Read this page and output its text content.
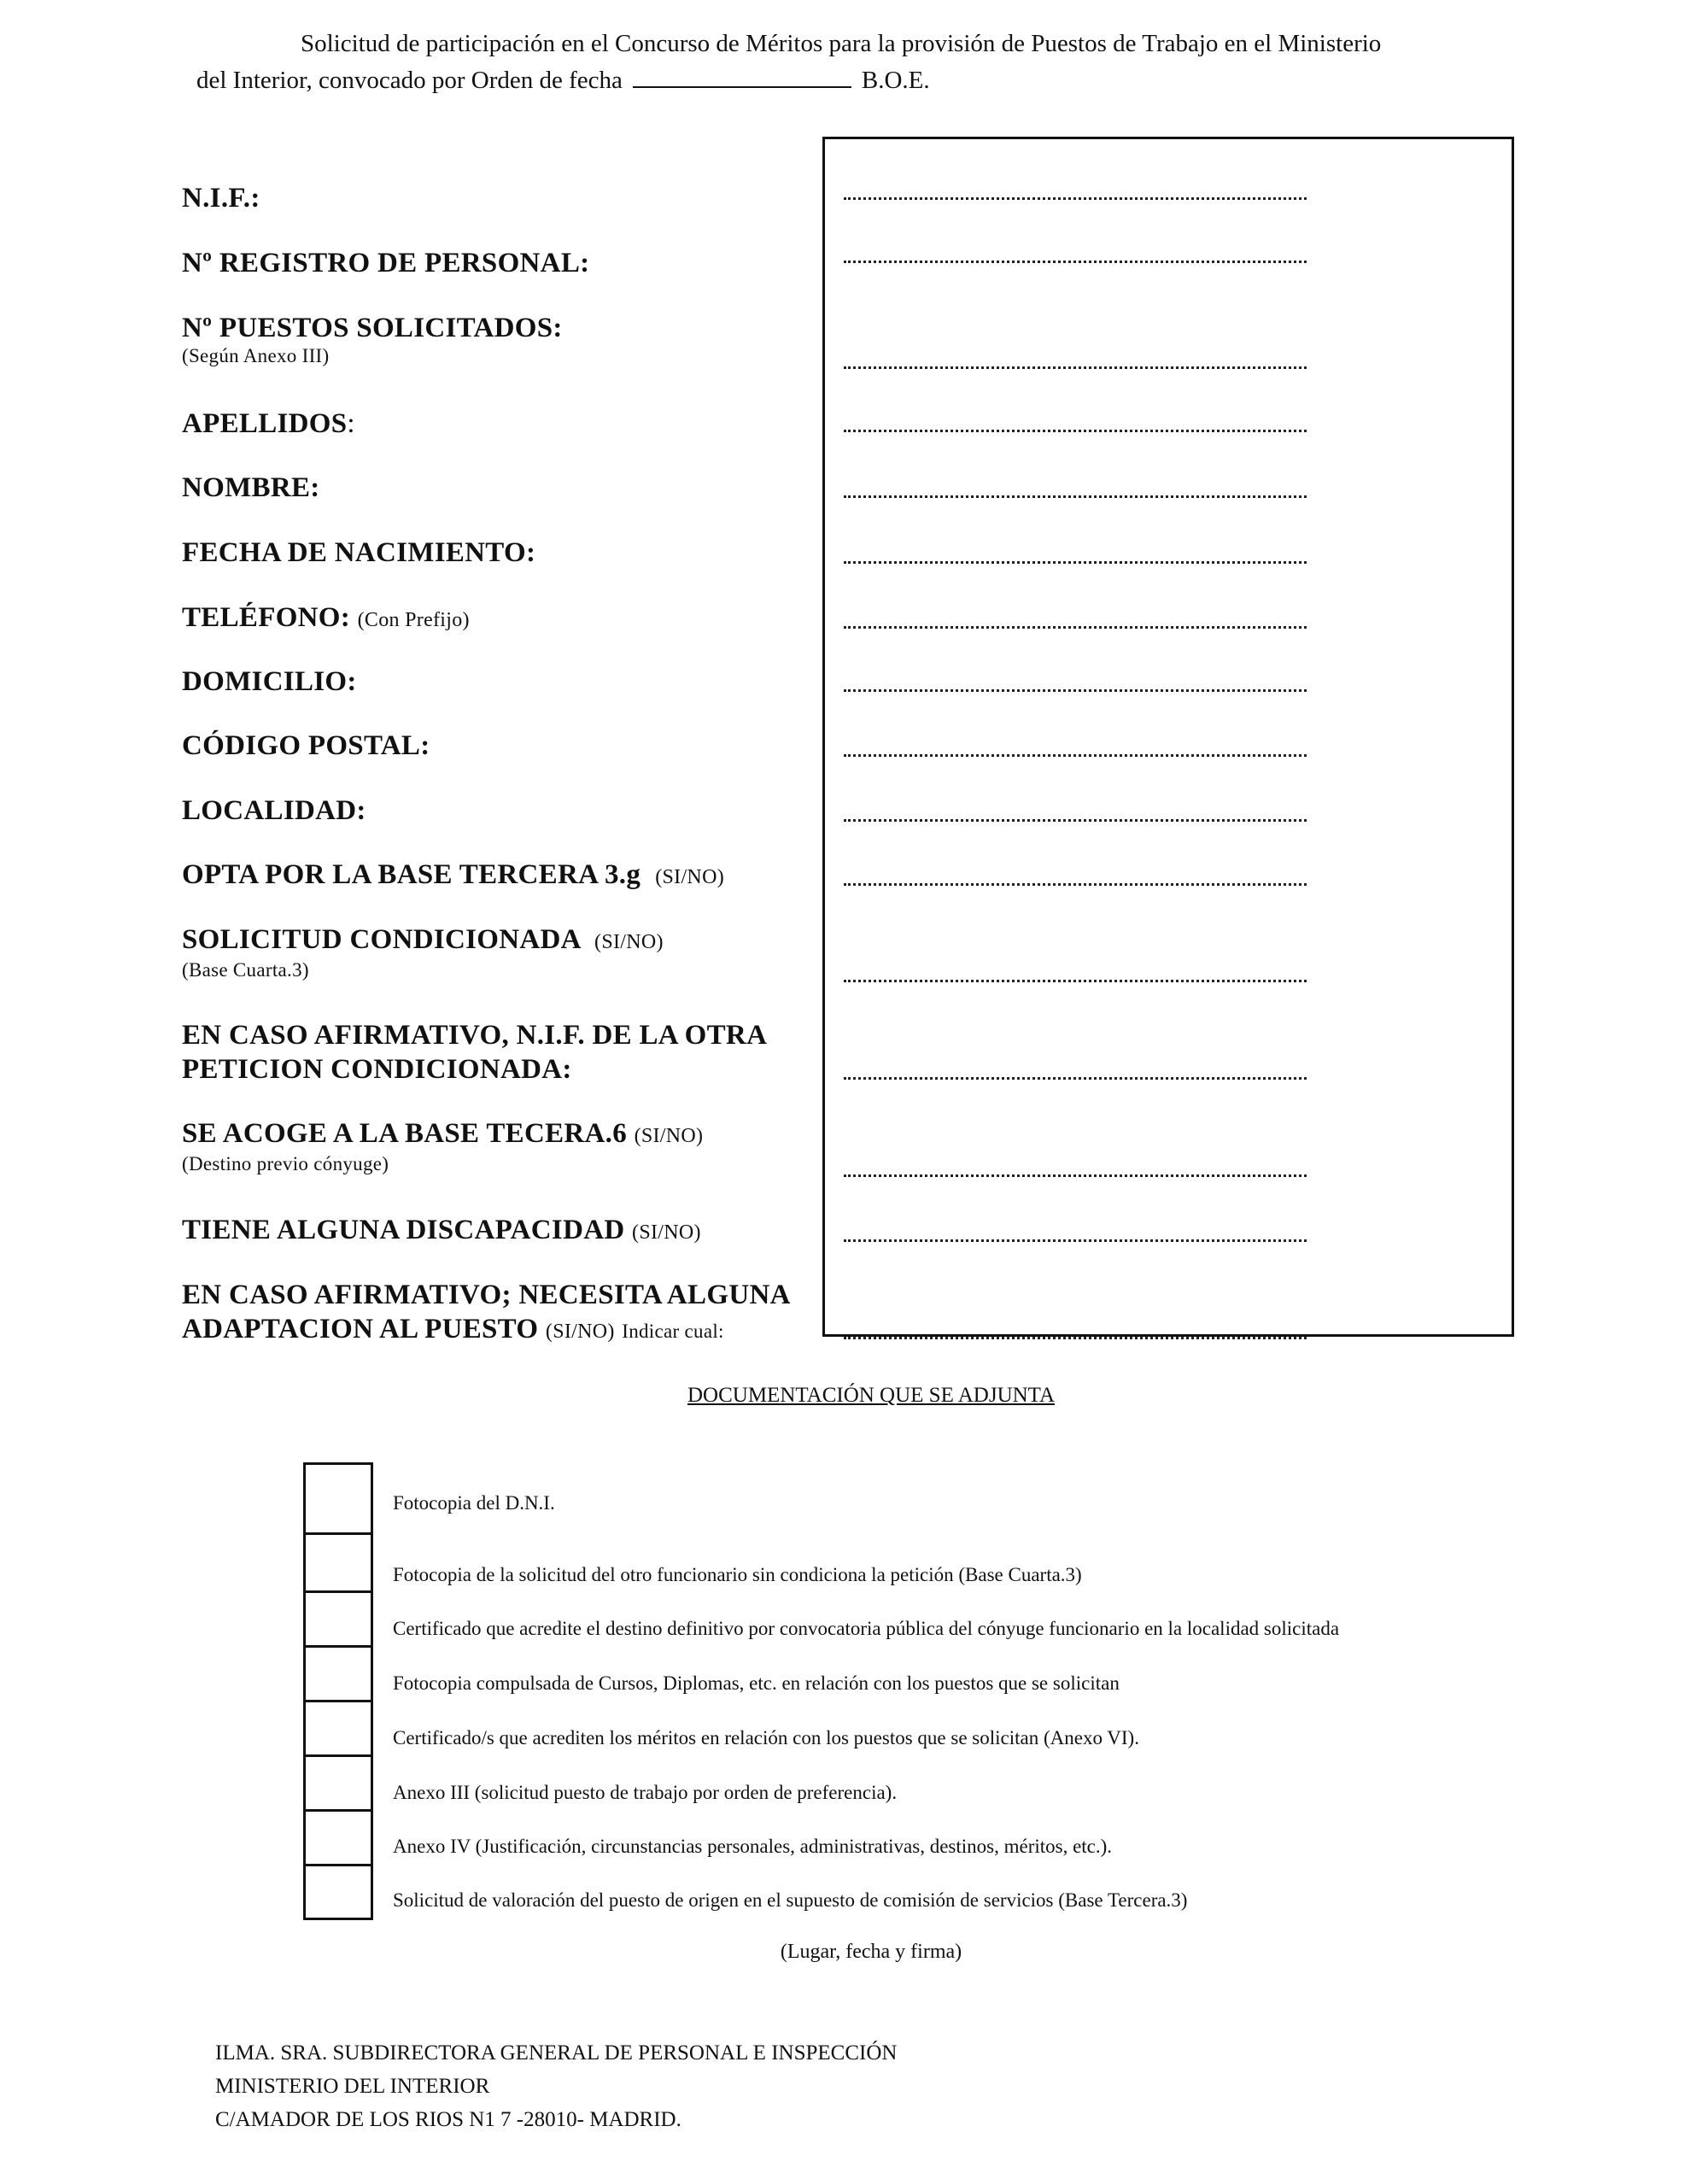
Solicitud de participación en el Concurso de Méritos para la provisión de Puestos de Trabajo en el Ministerio
del Interior, convocado por Orden de fecha	B.O.E.
N.I.F.:
Nº REGISTRO DE PERSONAL:
Nº PUESTOS SOLICITADOS:
(Según Anexo III)
APELLIDOS:
NOMBRE:
FECHA DE NACIMIENTO:
TELÉFONO: (Con Prefijo)
DOMICILIO:
CÓDIGO POSTAL:
LOCALIDAD:
OPTA POR LA BASE TERCERA 3.g (SI/NO)
SOLICITUD CONDICIONADA (SI/NO)
(Base Cuarta.3)
EN CASO AFIRMATIVO, N.I.F. DE LA OTRA
PETICION CONDICIONADA:
SE ACOGE A LA BASE TECERA.6 (SI/NO)
(Destino previo cónyuge)
TIENE ALGUNA DISCAPACIDAD (SI/NO)
EN CASO AFIRMATIVO; NECESITA ALGUNA
ADAPTACION AL PUESTO (SI/NO) Indicar cual:
DOCUMENTACIÓN QUE SE ADJUNTA
Fotocopia del D.N.I.
Fotocopia de la solicitud del otro funcionario sin condiciona la petición (Base Cuarta.3)
Certificado que acredite el destino definitivo por convocatoria pública del cónyuge funcionario en la localidad solicitada
Fotocopia compulsada de Cursos, Diplomas, etc. en relación con los puestos que se solicitan
Certificado/s que acrediten los méritos en relación con los puestos que se solicitan (Anexo VI).
Anexo III (solicitud puesto de trabajo por orden de preferencia).
Anexo IV (Justificación, circunstancias personales, administrativas, destinos, méritos, etc.).
Solicitud de valoración del puesto de origen en el supuesto de comisión de servicios (Base Tercera.3)
(Lugar, fecha y firma)
ILMA. SRA. SUBDIRECTORA GENERAL DE PERSONAL E INSPECCIÓN
MINISTERIO DEL INTERIOR
C/AMADOR DE LOS RIOS N1 7 -28010- MADRID.
